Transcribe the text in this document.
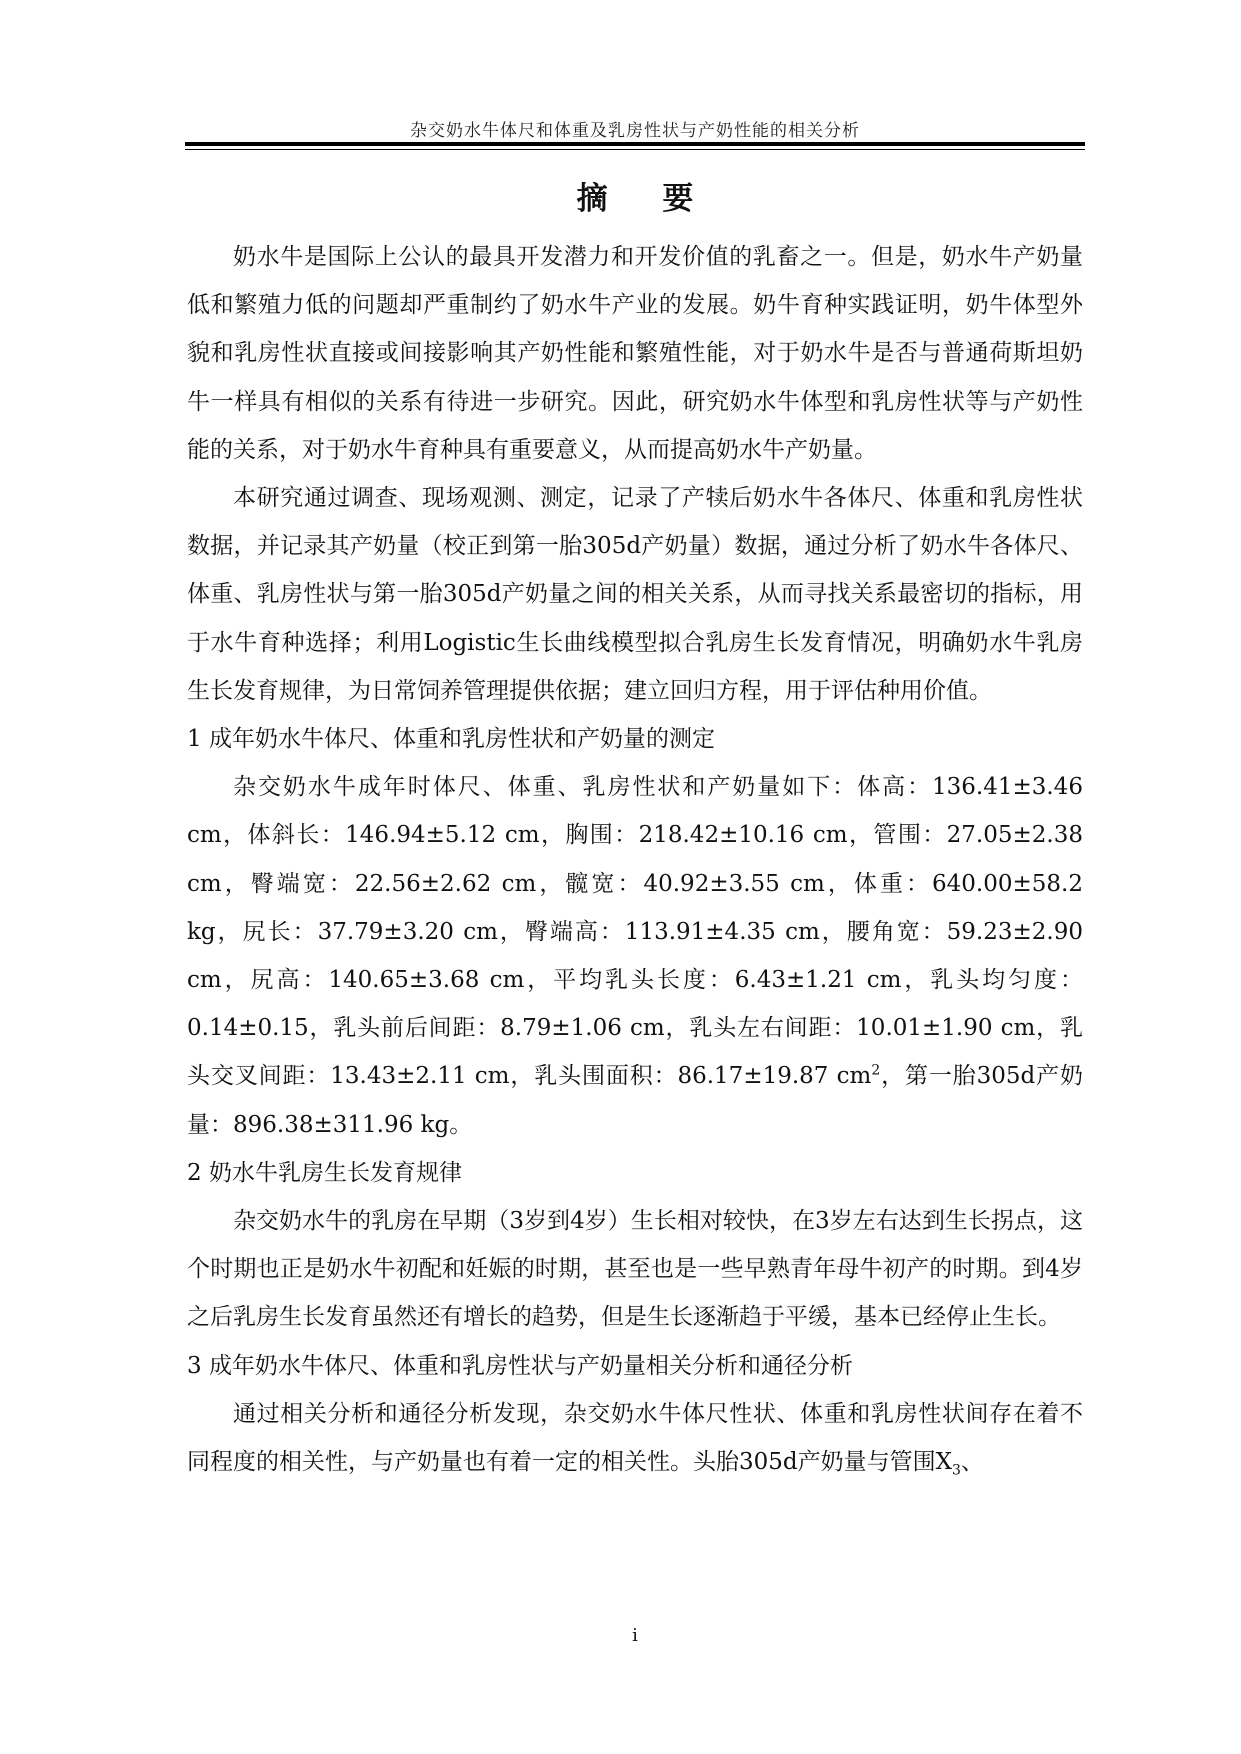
杂交奶水牛体尺和体重及乳房性状与产奶性能的相关分析
摘 要

奶水牛是国际上公认的最具开发潜力和开发价值的乳畜之一。但是，奶水牛产奶量低和繁殖力低的问题却严重制约了奶水牛产业的发展。奶牛育种实践证明，奶牛体型外貌和乳房性状直接或间接影响其产奶性能和繁殖性能，对于奶水牛是否与普通荷斯坦奶牛一样具有相似的关系有待进一步研究。因此，研究奶水牛体型和乳房性状等与产奶性能的关系，对于奶水牛育种具有重要意义，从而提高奶水牛产奶量。

本研究通过调查、现场观测、测定，记录了产犊后奶水牛各体尺、体重和乳房性状数据，并记录其产奶量（校正到第一胎305d产奶量）数据，通过分析了奶水牛各体尺、体重、乳房性状与第一胎305d产奶量之间的相关关系，从而寻找关系最密切的指标，用于水牛育种选择；利用Logistic生长曲线模型拟合乳房生长发育情况，明确奶水牛乳房生长发育规律，为日常饲养管理提供依据；建立回归方程，用于评估种用价值。

1 成年奶水牛体尺、体重和乳房性状和产奶量的测定

杂交奶水牛成年时体尺、体重、乳房性状和产奶量如下：体高：136.41±3.46 cm，体斜长：146.94±5.12 cm，胸围：218.42±10.16 cm，管围：27.05±2.38 cm，臀端宽：22.56±2.62 cm，髋宽：40.92±3.55 cm，体重：640.00±58.2 kg，尻长：37.79±3.20 cm，臀端高：113.91±4.35 cm，腰角宽：59.23±2.90 cm，尻高：140.65±3.68 cm，平均乳头长度：6.43±1.21 cm，乳头均匀度：0.14±0.15，乳头前后间距：8.79±1.06 cm，乳头左右间距：10.01±1.90 cm，乳头交叉间距：13.43±2.11 cm，乳头围面积：86.17±19.87 $cm^2$，第一胎305d产奶量：896.38±311.96 kg。

2 奶水牛乳房生长发育规律

杂交奶水牛的乳房在早期（3岁到4岁）生长相对较快，在3岁左右达到生长拐点，这个时期也正是奶水牛初配和妊娠的时期，甚至也是一些早熟青年母牛初产的时期。到4岁之后乳房生长发育虽然还有增长的趋势，但是生长逐渐趋于平缓，基本已经停止生长。

3 成年奶水牛体尺、体重和乳房性状与产奶量相关分析和通径分析

通过相关分析和通径分析发现，杂交奶水牛体尺性状、体重和乳房性状间存在着不同程度的相关性，与产奶量也有着一定的相关性。头胎305d产奶量与管围$X_3$、

i
